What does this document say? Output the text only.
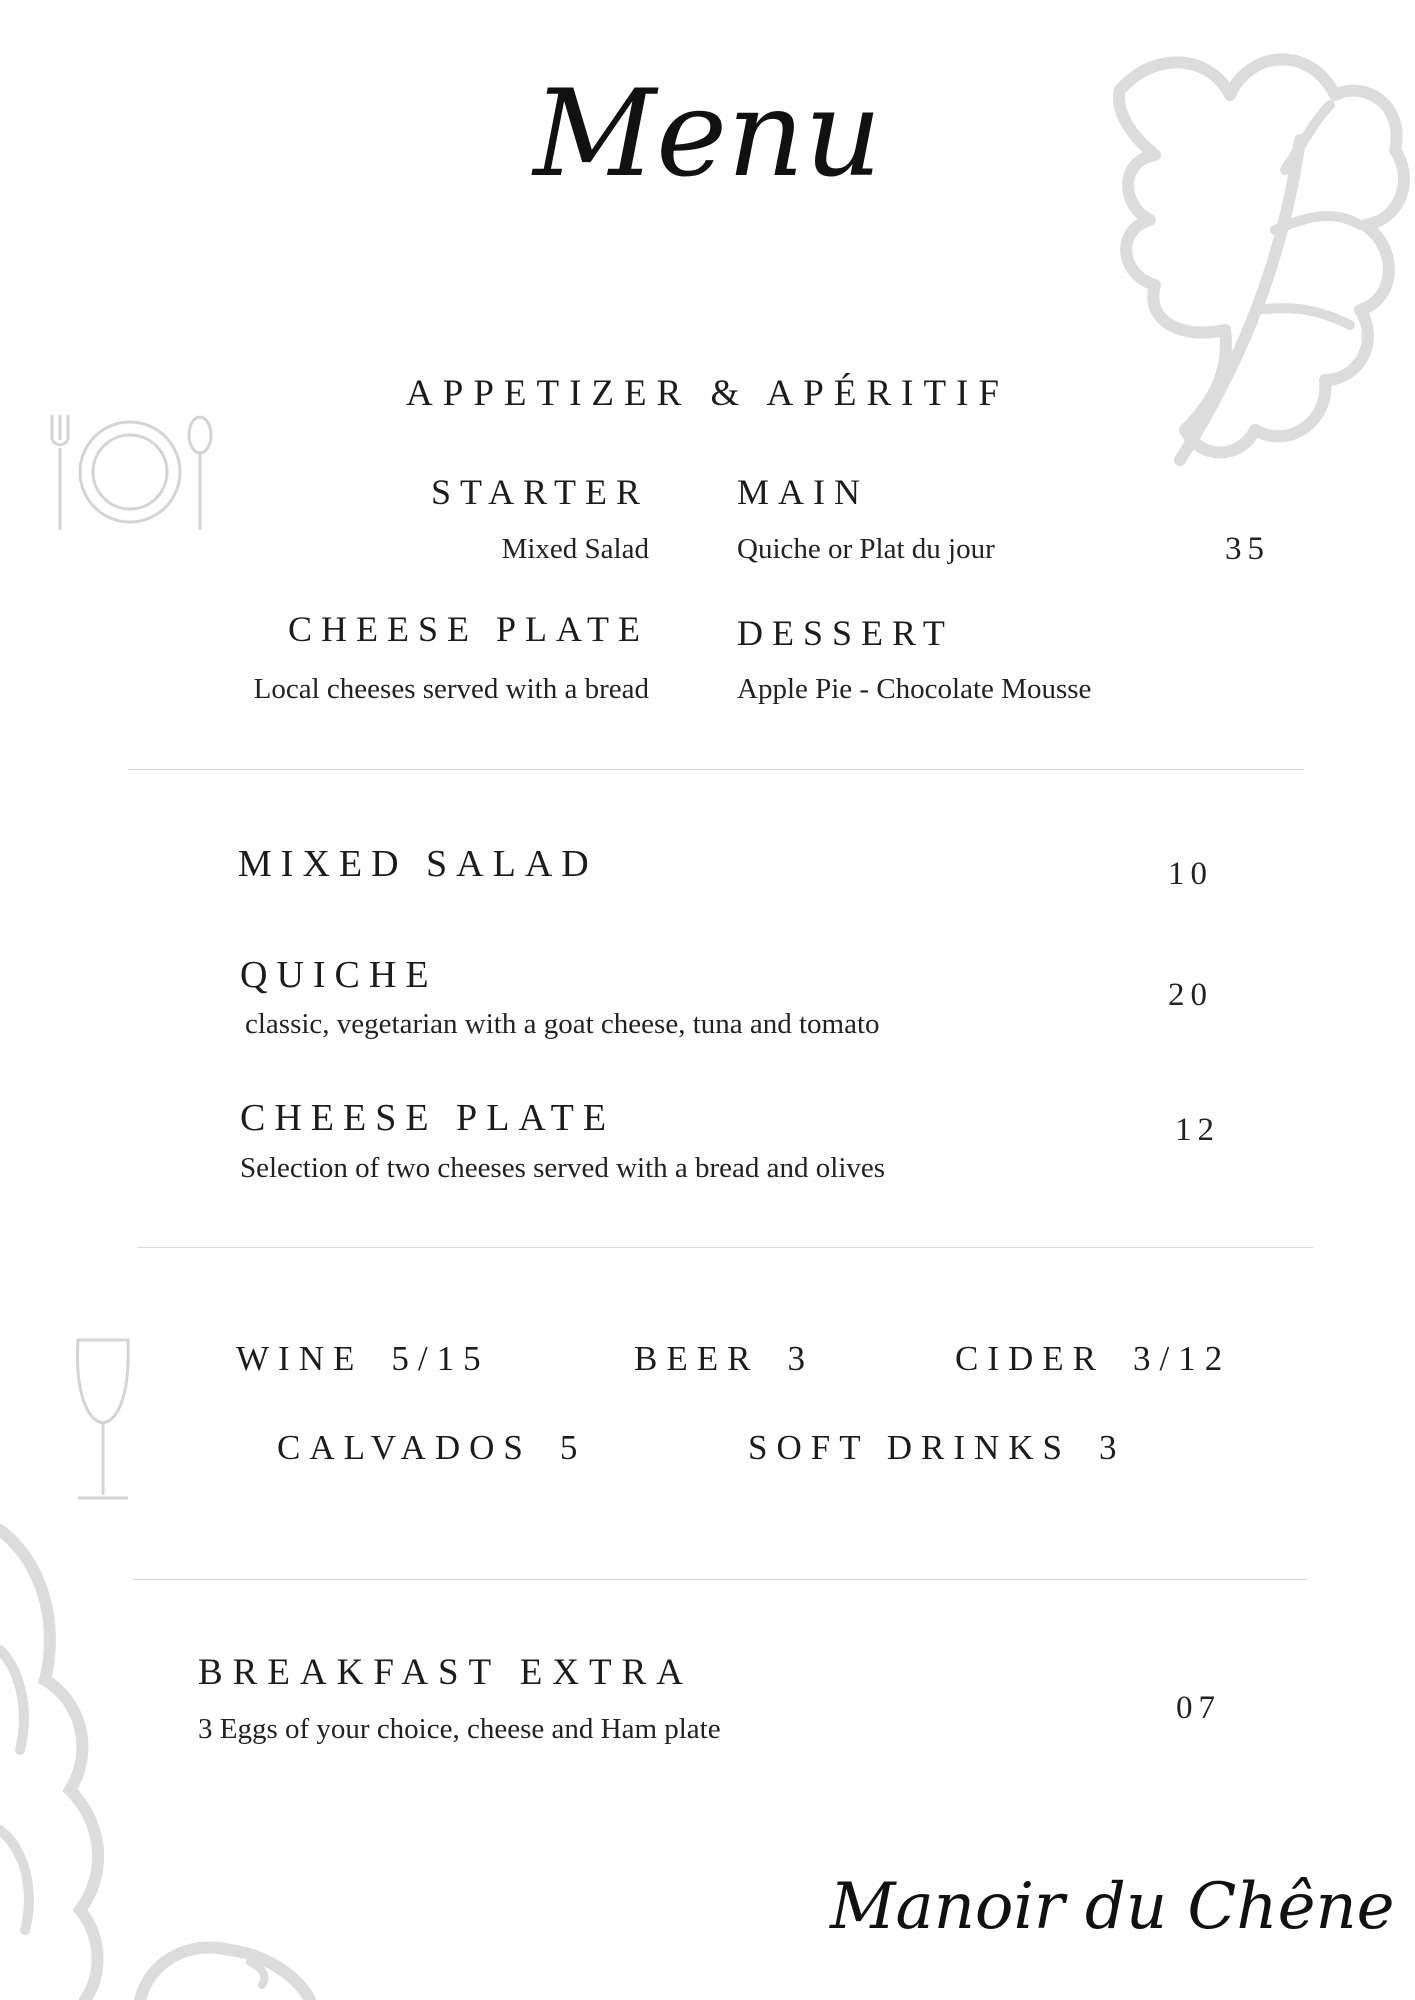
Menu
APPETIZER & APÉRITIF
STARTER
Mixed Salad
CHEESE PLATE
Local cheeses served with a bread
MAIN
Quiche or Plat du jour
DESSERT
Apple Pie - Chocolate Mousse
35
MIXED SALAD	10
QUICHE
classic, vegetarian with a goat cheese, tuna and tomato
20
CHEESE PLATE
Selection of two cheeses served with a bread and olives
12
WINE 5/15	BEER 3	CIDER 3/12
CALVADOS 5	SOFT DRINKS 3
BREAKFAST EXTRA
3 Eggs of your choice, cheese and Ham plate
07
Manoir du Chêne
